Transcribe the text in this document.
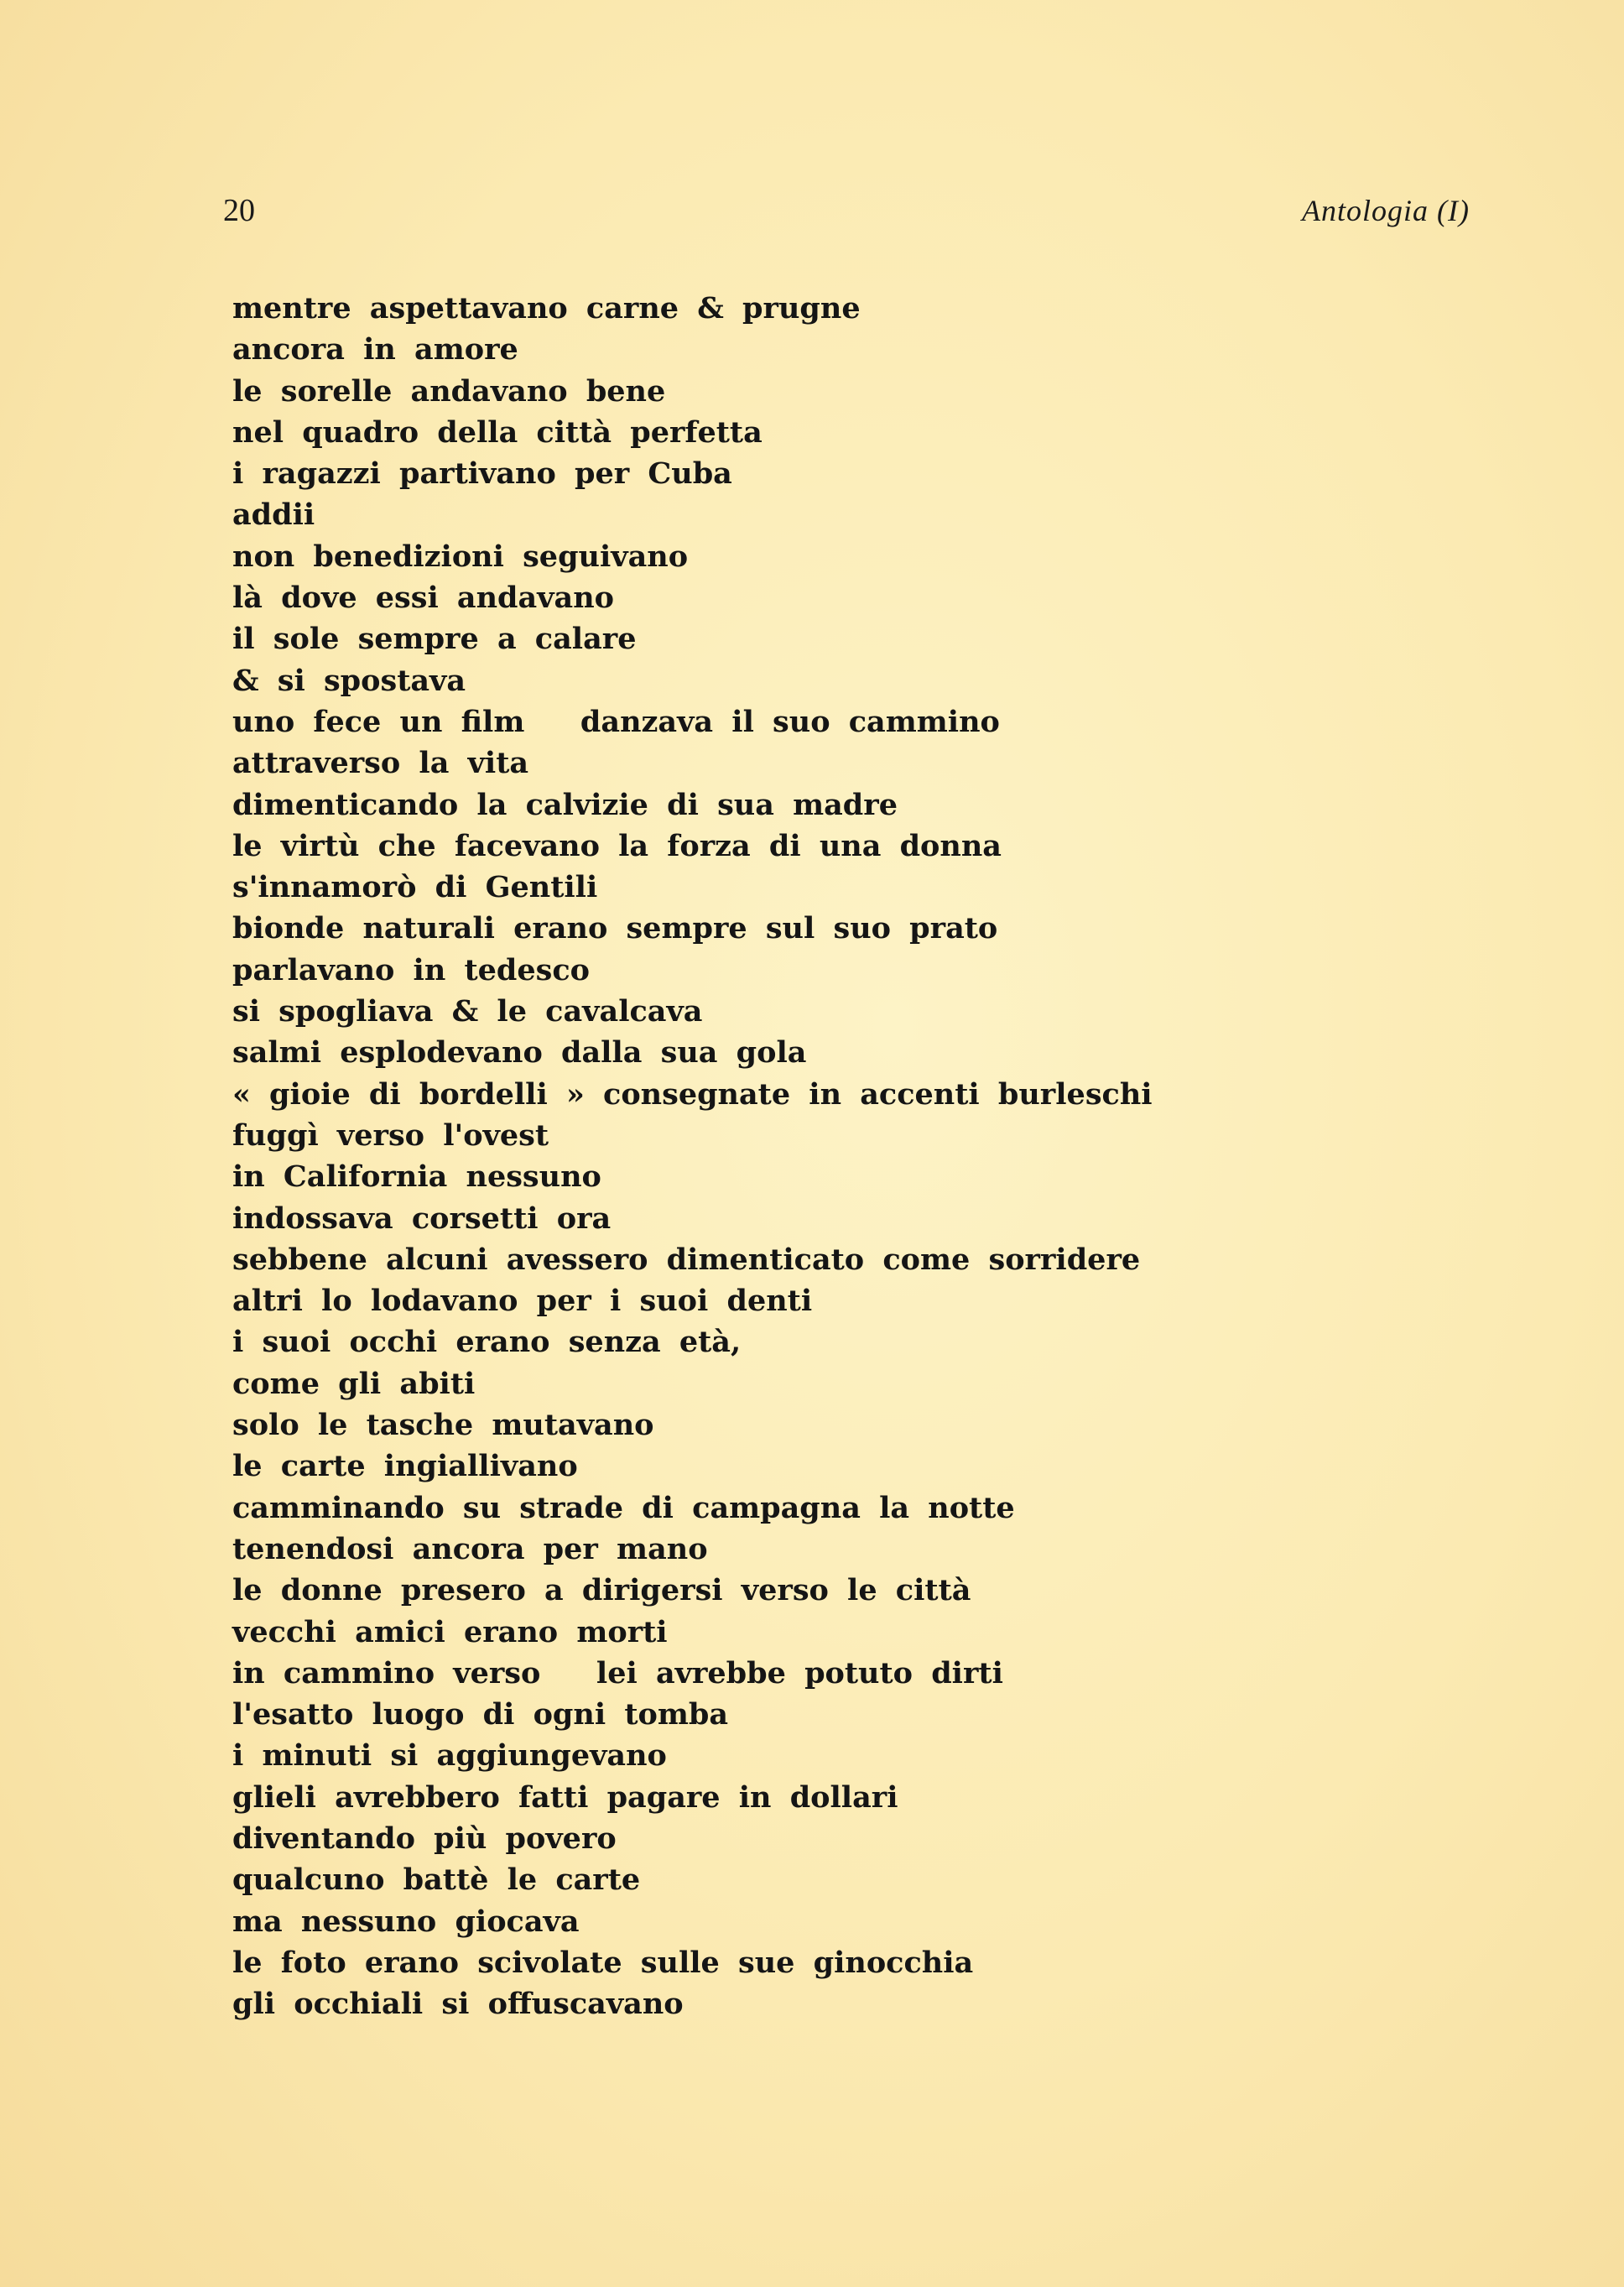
20	Antologia (I)
mentre aspettavano carne & prugne
ancora in amore
le sorelle andavano bene
nel quadro della città perfetta
i ragazzi partivano per Cuba
addii
non benedizioni seguivano
là dove essi andavano
il sole sempre a calare
& si spostava
uno fece un film   danzava il suo cammino
attraverso la vita
dimenticando la calvizie di sua madre
le virtù che facevano la forza di una donna
s'innamorò di Gentili
bionde naturali erano sempre sul suo prato
parlavano in tedesco
si spogliava & le cavalcava
salmi esplodevano dalla sua gola
« gioie di bordelli » consegnate in accenti burleschi
fuggì verso l'ovest
in California nessuno
indossava corsetti ora
sebbene alcuni avessero dimenticato come sorridere
altri lo lodavano per i suoi denti
i suoi occhi erano senza età,
come gli abiti
solo le tasche mutavano
le carte ingiallivano
camminando su strade di campagna la notte
tenendosi ancora per mano
le donne presero a dirigersi verso le città
vecchi amici erano morti
in cammino verso   lei avrebbe potuto dirti
l'esatto luogo di ogni tomba
i minuti si aggiungevano
glieli avrebbero fatti pagare in dollari
diventando più povero
qualcuno battè le carte
ma nessuno giocava
le foto erano scivolate sulle sue ginocchia
gli occhiali si offuscavano
